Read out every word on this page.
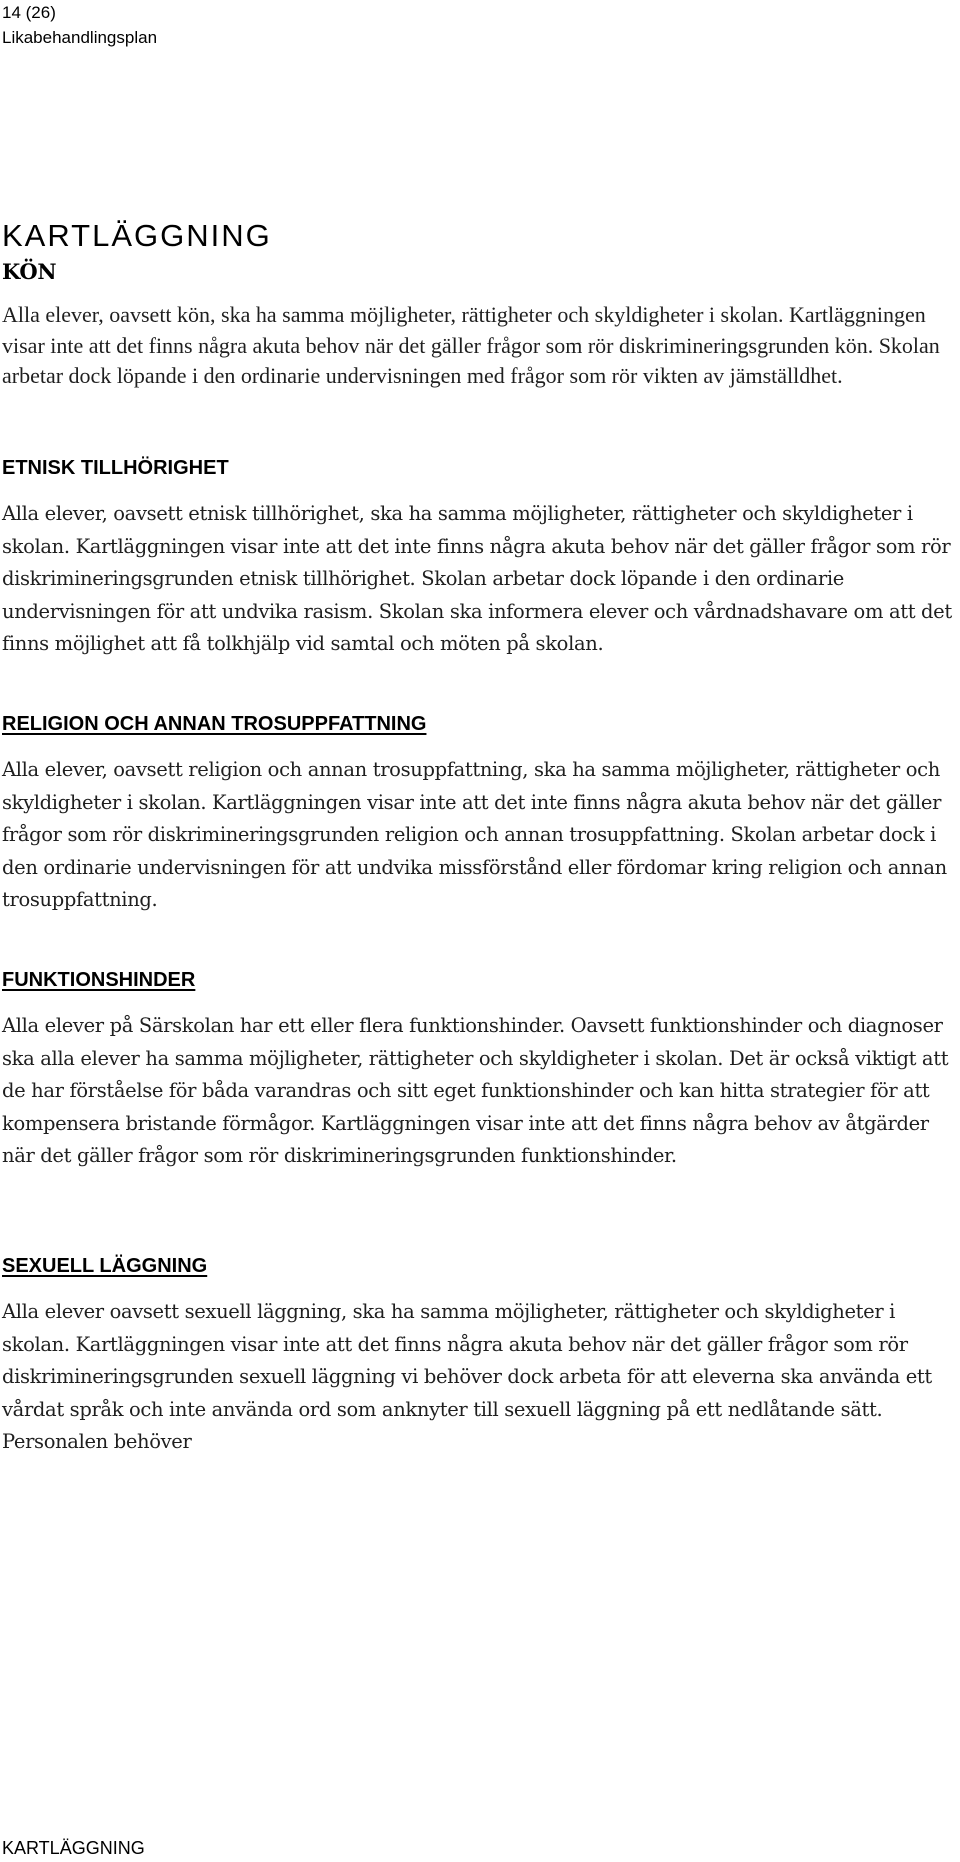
14 (26)
Likabehandlingsplan
KARTLÄGGNING
KÖN

Alla elever, oavsett kön, ska ha samma möjligheter, rättigheter och skyldigheter i skolan. Kartläggningen visar inte att det finns några akuta behov när det gäller frågor som rör diskrimineringsgrunden kön. Skolan arbetar dock löpande i den ordinarie undervisningen med frågor som rör vikten av jämställdhet.

ETNISK TILLHÖRIGHET

Alla elever, oavsett etnisk tillhörighet, ska ha samma möjligheter, rättigheter och skyldigheter i skolan. Kartläggningen visar inte att det inte finns några akuta behov när det gäller frågor som rör diskrimineringsgrunden etnisk tillhörighet. Skolan arbetar dock löpande i den ordinarie undervisningen för att undvika rasism. Skolan ska informera elever och vårdnadshavare om att det finns möjlighet att få tolkhjälp vid samtal och möten på skolan.

RELIGION OCH ANNAN TROSUPPFATTNING

Alla elever, oavsett religion och annan trosuppfattning, ska ha samma möjligheter, rättigheter och skyldigheter i skolan. Kartläggningen visar inte att det inte finns några akuta behov när det gäller frågor som rör diskrimineringsgrunden religion och annan trosuppfattning. Skolan arbetar dock i den ordinarie undervisningen för att undvika missförstånd eller fördomar kring religion och annan trosuppfattning.

FUNKTIONSHINDER

Alla elever på Särskolan har ett eller flera funktionshinder. Oavsett funktionshinder och diagnoser ska alla elever ha samma möjligheter, rättigheter och skyldigheter i skolan. Det är också viktigt att de har förståelse för båda varandras och sitt eget funktionshinder och kan hitta strategier för att kompensera bristande förmågor. Kartläggningen visar inte att det finns några behov av åtgärder när det gäller frågor som rör diskrimineringsgrunden funktionshinder.

SEXUELL LÄGGNING

Alla elever oavsett sexuell läggning, ska ha samma möjligheter, rättigheter och skyldigheter i skolan. Kartläggningen visar inte att det finns några akuta behov när det gäller frågor som rör diskrimineringsgrunden sexuell läggning vi behöver dock arbeta för att eleverna ska använda ett vårdat språk och inte använda ord som anknyter till sexuell läggning på ett nedlåtande sätt. Personalen behöver

KARTLÄGGNING
